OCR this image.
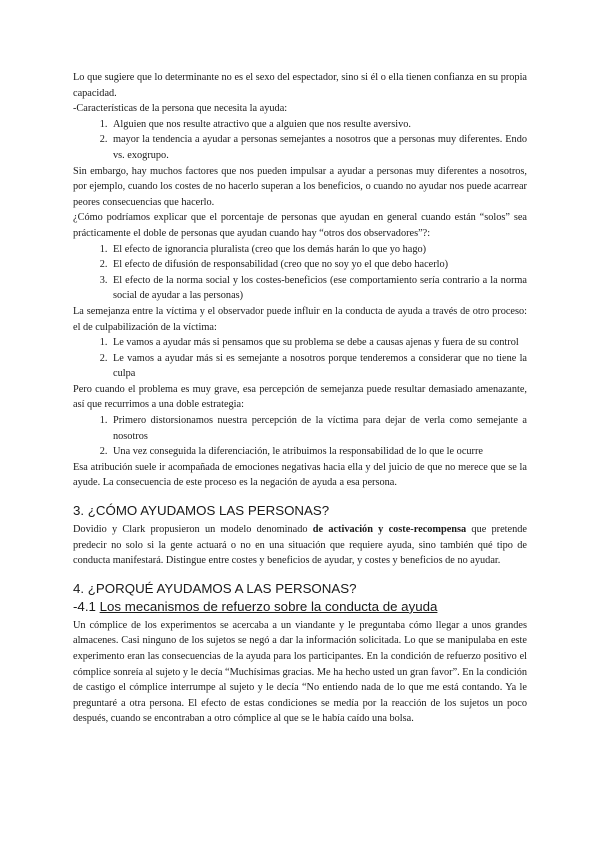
Lo que sugiere que lo determinante no es el sexo del espectador, sino si él o ella tienen confianza en su propia capacidad.

-Características de la persona que necesita la ayuda:

1. Alguien que nos resulte atractivo que a alguien que nos resulte aversivo.
2. mayor la tendencia a ayudar a personas semejantes a nosotros que a personas muy diferentes. Endo vs. exogrupo.

Sin embargo, hay muchos factores que nos pueden impulsar a ayudar a personas muy diferentes a nosotros, por ejemplo, cuando los costes de no hacerlo superan a los beneficios, o cuando no ayudar nos puede acarrear peores consecuencias que hacerlo.

¿Cómo podríamos explicar que el porcentaje de personas que ayudan en general cuando están “solos” sea prácticamente el doble de personas que ayudan cuando hay “otros dos observadores”?:

1. El efecto de ignorancia pluralista (creo que los demás harán lo que yo hago)
2. El efecto de difusión de responsabilidad (creo que no soy yo el que debo hacerlo)
3. El efecto de la norma social y los costes-beneficios (ese comportamiento sería contrario a la norma social de ayudar a las personas)

La semejanza entre la víctima y el observador puede influir en la conducta de ayuda a través de otro proceso: el de culpabilización de la víctima:

1. Le vamos a ayudar más si pensamos que su problema se debe a causas ajenas y fuera de su control
2. Le vamos a ayudar más si es semejante a nosotros porque tenderemos a considerar que no tiene la culpa

Pero cuando el problema es muy grave, esa percepción de semejanza puede resultar demasiado amenazante, así que recurrimos a una doble estrategia:

1. Primero distorsionamos nuestra percepción de la víctima para dejar de verla como semejante a nosotros
2. Una vez conseguida la diferenciación, le atribuimos la responsabilidad de lo que le ocurre

Esa atribución suele ir acompañada de emociones negativas hacia ella y del juicio de que no merece que se la ayude. La consecuencia de este proceso es la negación de ayuda a esa persona.

3. ¿CÓMO AYUDAMOS LAS PERSONAS?

Dovidio y Clark propusieron un modelo denominado de activación y coste-recompensa que pretende predecir no solo si la gente actuará o no en una situación que requiere ayuda, sino también qué tipo de conducta manifestará. Distingue entre costes y beneficios de ayudar, y costes y beneficios de no ayudar.

4. ¿PORQUÉ AYUDAMOS A LAS PERSONAS?
-4.1 Los mecanismos de refuerzo sobre la conducta de ayuda

Un cómplice de los experimentos se acercaba a un viandante y le preguntaba cómo llegar a unos grandes almacenes. Casi ninguno de los sujetos se negó a dar la información solicitada. Lo que se manipulaba en este experimento eran las consecuencias de la ayuda para los participantes. En la condición de refuerzo positivo el cómplice sonreía al sujeto y le decía “Muchísimas gracias. Me ha hecho usted un gran favor”. En la condición de castigo el cómplice interrumpe al sujeto y le decía “No entiendo nada de lo que me está contando. Ya le preguntaré a otra persona. El efecto de estas condiciones se medía por la reacción de los sujetos un poco después, cuando se encontraban a otro cómplice al que se le había caído una bolsa.
